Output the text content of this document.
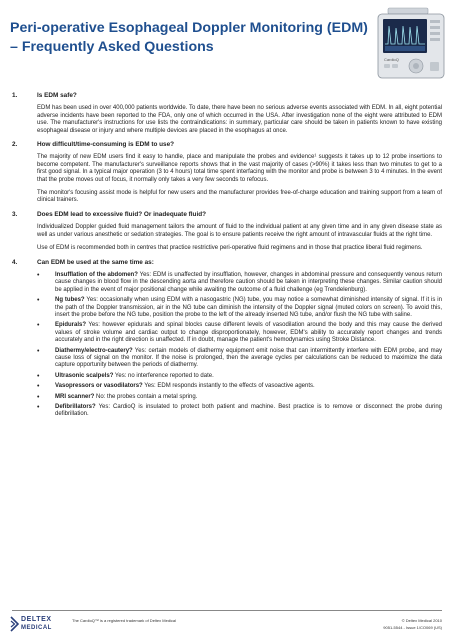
Peri-operative Esophageal Doppler Monitoring (EDM)
– Frequently Asked Questions
CardioQ
1.	Is EDM safe?

EDM has been used in over 400,000 patients worldwide. To date, there have been no serious adverse events associated with EDM. In all, eight potential adverse incidents have been reported to the FDA, only one of which occurred in the USA. After investigation none of the eight were attributed to EDM use. The manufacturer's instructions for use lists the contraindications: in summary, particular care should be taken in patients known to have existing esophageal disease or injury and where multiple devices are placed in the esophagus at once.

2.	How difficult/time-consuming is EDM to use?

The majority of new EDM users find it easy to handle, place and manipulate the probes and evidence¹ suggests it takes up to 12 probe insertions to become competent. The manufacturer's surveillance reports shows that in the vast majority of cases (>90%) it takes less than two minutes to get to a first good signal. In a typical major operation (3 to 4 hours) total time spent interfacing with the monitor and probe is between 3 to 4 minutes. In the event that the probe moves out of focus, it normally only takes a very few seconds to refocus.

The monitor's focusing assist mode is helpful for new users and the manufacturer provides free-of-charge education and training support from a team of clinical trainers.

3.	Does EDM lead to excessive fluid? Or inadequate fluid?

Individualized Doppler guided fluid management tailors the amount of fluid to the individual patient at any given time and in any given disease state as well as under various anesthetic or sedation strategies. The goal is to ensure patients receive the right amount of intravascular fluids at the right time.

Use of EDM is recommended both in centres that practice restrictive peri-operative fluid regimens and in those that practice liberal fluid regimens.

4.	Can EDM be used at the same time as:
•	Insufflation of the abdomen? Yes: EDM is unaffected by insufflation, however, changes in abdominal pressure and consequently venous return cause changes in blood flow in the descending aorta and therefore caution should be taken in interpreting these changes. Similar caution should be applied in the event of major positional change while awaiting the outcome of a fluid challenge (eg Trendelenburg).
•	Ng tubes? Yes: occasionally when using EDM with a nasogastric (NG) tube, you may notice a somewhat diminished intensity of signal. If it is in the path of the Doppler transmission, air in the NG tube can diminish the intensity of the Doppler signal (muted colors on screen). To avoid this, insert the probe before the NG tube, position the probe to the left of the already inserted NG tube, and/or flush the NG tube with saline.
•	Epidurals? Yes: however epidurals and spinal blocks cause different levels of vasodilation around the body and this may cause the derived values of stroke volume and cardiac output to change disproportionately, however, EDM's ability to accurately report changes and trends accurately and in the right direction is unaffected. If in doubt, manage the patient's hemodynamics using Stroke Distance.
•	Diathermy/electro-cautery? Yes: certain models of diathermy equipment emit noise that can intermittently interfere with EDM probe, and may cause loss of signal on the monitor. If the noise is prolonged, then the average cycles per calculations can be reduced to maximize the data capture opportunity between the periods of diathermy.
•	Ultrasonic scalpels? Yes: no interference reported to date.
•	Vasopressors or vasodilators? Yes: EDM responds instantly to the effects of vasoactive agents.
•	MRI scanner? No: the probes contain a metal spring.
•	Defibrillators? Yes: CardioQ is insulated to protect both patient and machine. Best practice is to remove or disconnect the probe during defibrillation.
DELTEX
MEDICAL
The CardioQ™ is a registered trademark of Deltex Medical	© Deltex Medical 2010
9051-5544 - Issue 1/CO069 (US)
